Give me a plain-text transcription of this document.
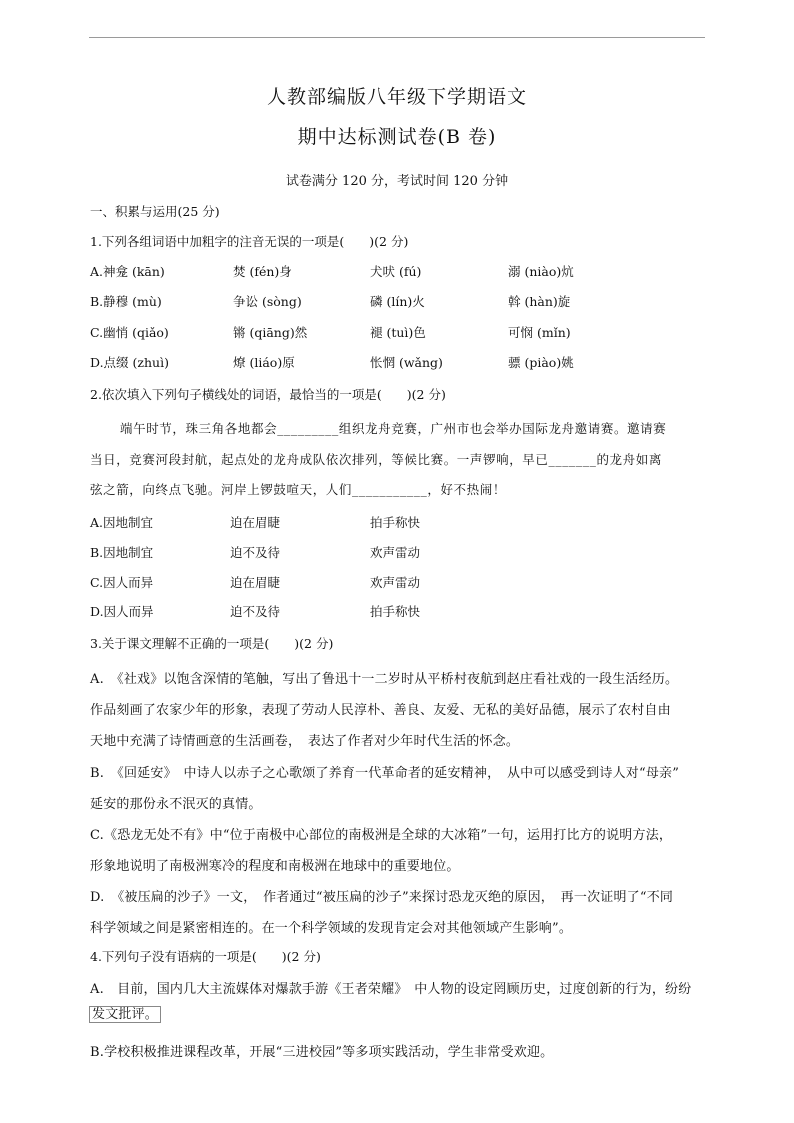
人教部编版八年级下学期语文
期中达标测试卷(B 卷)
试卷满分 120 分，考试时间 120 分钟
一、积累与运用(25 分)
1.下列各组词语中加粗字的注音无误的一项是(　　)(2 分)
A.神龛 (kān)	焚 (fén)身	犬吠 (fú)	溺 (niào)炕
B.静穆 (mù)	争讼 (sòng)	磷 (lín)火	斡 (hàn)旋
C.幽悄 (qiǎo)	锵 (qiāng)然	褪 (tuì)色	可悯 (mǐn)
D.点缀 (zhuì)	燎 (liáo)原	怅惘 (wǎng)	骠 (piào)姚
2.依次填入下列句子横线处的词语，最恰当的一项是(　　)(2 分)
端午时节，珠三角各地都会_________组织龙舟竞赛，广州市也会举办国际龙舟邀请赛。邀请赛
当日，竞赛河段封航，起点处的龙舟成队依次排列，等候比赛。一声锣响，早已_______的龙舟如离
弦之箭，向终点飞驰。河岸上锣鼓喧天，人们___________，好不热闹！
A.因地制宜	迫在眉睫	拍手称快
B.因地制宜	迫不及待	欢声雷动
C.因人而异	迫在眉睫	欢声雷动
D.因人而异	迫不及待	拍手称快
3.关于课文理解不正确的一项是(　　)(2 分)
A.　《社戏》以饱含深情的笔触，写出了鲁迅十一二岁时从平桥村夜航到赵庄看社戏的一段生活经历。
作品刻画了农家少年的形象，表现了劳动人民淳朴、善良、友爱、无私的美好品德，展示了农村自由
天地中充满了诗情画意的生活画卷，　表达了作者对少年时代生活的怀念。
B.　《回延安》　中诗人以赤子之心歌颂了养育一代革命者的延安精神，　从中可以感受到诗人对“母亲”
延安的那份永不泯灭的真情。
C.《恐龙无处不有》中“位于南极中心部位的南极洲是全球的大冰箱”一句，运用打比方的说明方法，
形象地说明了南极洲寒冷的程度和南极洲在地球中的重要地位。
D.　《被压扁的沙子》一文，　作者通过“被压扁的沙子”来探讨恐龙灭绝的原因，　再一次证明了“不同
科学领域之间是紧密相连的。在一个科学领域的发现肯定会对其他领域产生影响”。
4.下列句子没有语病的一项是(　　)(2 分)
A.　目前，国内几大主流媒体对爆款手游《王者荣耀》　中人物的设定罔顾历史，过度创新的行为，纷纷
发文批评。
B.学校积极推进课程改革，开展“三进校园”等多项实践活动，学生非常受欢迎。
